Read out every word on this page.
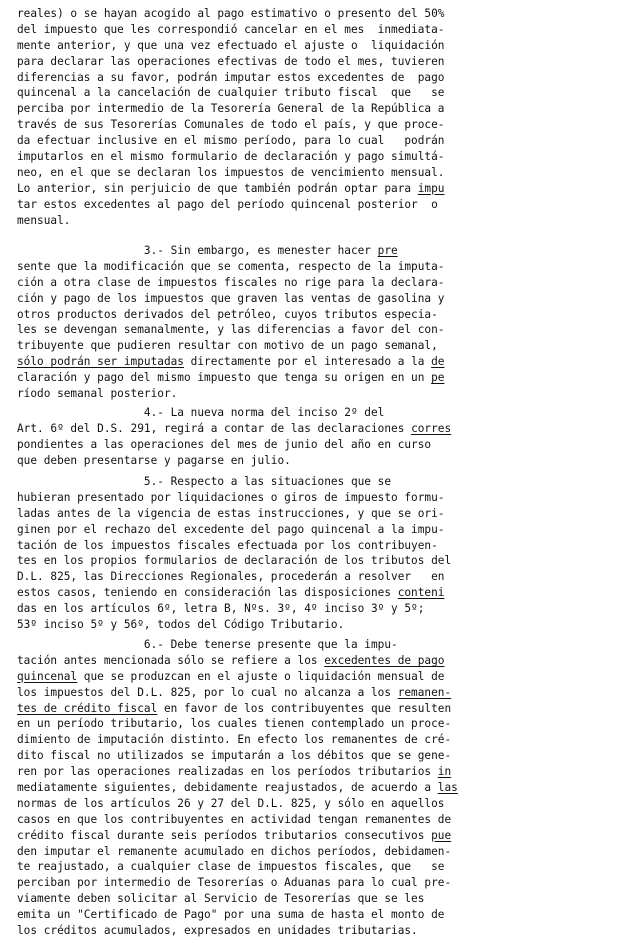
reales) o se hayan acogido al pago estimativo o presento del 50%
del impuesto que les correspondió cancelar en el mes  inmediata-
mente anterior, y que una vez efectuado el ajuste o  liquidación
para declarar las operaciones efectivas de todo el mes, tuvieren
diferencias a su favor, podrán imputar estos excedentes de  pago
quincenal a la cancelación de cualquier tributo fiscal  que   se
perciba por intermedio de la Tesorería General de la República a
través de sus Tesorerías Comunales de todo el país, y que proce-
da efectuar inclusive en el mismo período, para lo cual   podrán
imputarlos en el mismo formulario de declaración y pago simultá-
neo, en el que se declaran los impuestos de vencimiento mensual.
Lo anterior, sin perjuicio de que también podrán optar para impu
tar estos excedentes al pago del período quincenal posterior  o
mensual.
3.- Sin embargo, es menester hacer pre
sente que la modificación que se comenta, respecto de la imputa-
ción a otra clase de impuestos fiscales no rige para la declara-
ción y pago de los impuestos que graven las ventas de gasolina y
otros productos derivados del petróleo, cuyos tributos especia-
les se devengan semanalmente, y las diferencias a favor del con-
tribuyente que pudieren resultar con motivo de un pago semanal,
sólo podrán ser imputadas directamente por el interesado a la de
claración y pago del mismo impuesto que tenga su origen en un pe
ríodo semanal posterior.
4.- La nueva norma del inciso 2º del
Art. 6º del D.S. 291, regirá a contar de las declaraciones corres
pondientes a las operaciones del mes de junio del año en curso
que deben presentarse y pagarse en julio.
5.- Respecto a las situaciones que se
hubieran presentado por liquidaciones o giros de impuesto formu-
ladas antes de la vigencia de estas instrucciones, y que se ori-
ginen por el rechazo del excedente del pago quincenal a la impu-
tación de los impuestos fiscales efectuada por los contribuyen-
tes en los propios formularios de declaración de los tributos del
D.L. 825, las Direcciones Regionales, procederán a resolver   en
estos casos, teniendo en consideración las disposiciones conteni
das en los artículos 6º, letra B, Nºs. 3º, 4º inciso 3º y 5º;
53º inciso 5º y 56º, todos del Código Tributario.
6.- Debe tenerse presente que la impu-
tación antes mencionada sólo se refiere a los excedentes de pago
quincenal que se produzcan en el ajuste o liquidación mensual de
los impuestos del D.L. 825, por lo cual no alcanza a los remanen-
tes de crédito fiscal en favor de los contribuyentes que resulten
en un período tributario, los cuales tienen contemplado un proce-
dimiento de imputación distinto. En efecto los remanentes de cré-
dito fiscal no utilizados se imputarán a los débitos que se gene-
ren por las operaciones realizadas en los períodos tributarios in
mediatamente siguientes, debidamente reajustados, de acuerdo a las
normas de los artículos 26 y 27 del D.L. 825, y sólo en aquellos
casos en que los contribuyentes en actividad tengan remanentes de
crédito fiscal durante seis períodos tributarios consecutivos pue
den imputar el remanente acumulado en dichos períodos, debidamen-
te reajustado, a cualquier clase de impuestos fiscales, que   se
perciban por intermedio de Tesorerías o Aduanas para lo cual pre-
viamente deben solicitar al Servicio de Tesorerías que se les
emita un "Certificado de Pago" por una suma de hasta el monto de
los créditos acumulados, expresados en unidades tributarias.
